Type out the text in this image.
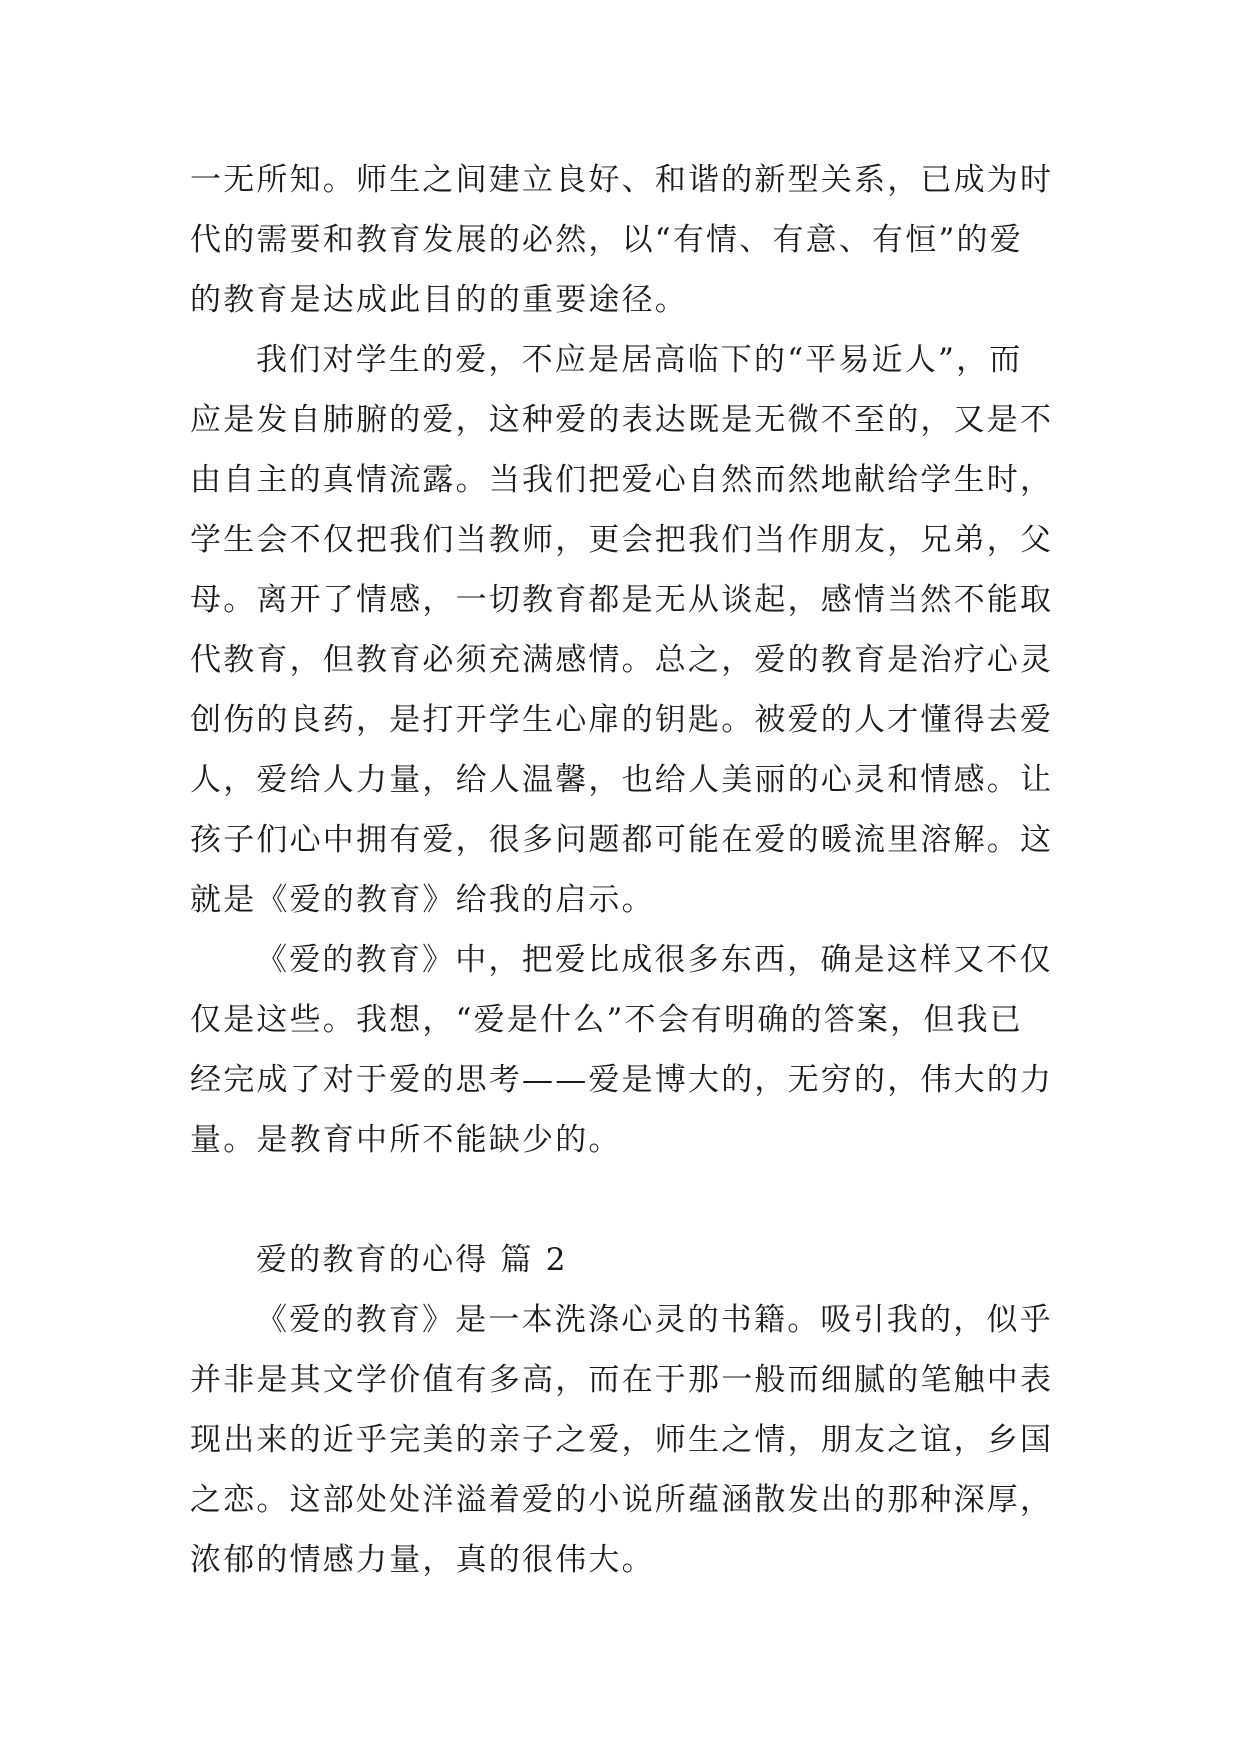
一无所知。师生之间建立良好、和谐的新型关系，已成为时
代的需要和教育发展的必然，以“有情、有意、有恒”的爱
的教育是达成此目的的重要途径。
我们对学生的爱，不应是居高临下的“平易近人”，而
应是发自肺腑的爱，这种爱的表达既是无微不至的，又是不
由自主的真情流露。当我们把爱心自然而然地献给学生时，
学生会不仅把我们当教师，更会把我们当作朋友，兄弟，父
母。离开了情感，一切教育都是无从谈起，感情当然不能取
代教育，但教育必须充满感情。总之，爱的教育是治疗心灵
创伤的良药，是打开学生心扉的钥匙。被爱的人才懂得去爱
人，爱给人力量，给人温馨，也给人美丽的心灵和情感。让
孩子们心中拥有爱，很多问题都可能在爱的暖流里溶解。这
就是《爱的教育》给我的启示。
《爱的教育》中，把爱比成很多东西，确是这样又不仅
仅是这些。我想，“爱是什么”不会有明确的答案，但我已
经完成了对于爱的思考——爱是博大的，无穷的，伟大的力
量。是教育中所不能缺少的。
爱的教育的心得 篇 2
《爱的教育》是一本洗涤心灵的书籍。吸引我的，似乎
并非是其文学价值有多高，而在于那一般而细腻的笔触中表
现出来的近乎完美的亲子之爱，师生之情，朋友之谊，乡国
之恋。这部处处洋溢着爱的小说所蕴涵散发出的那种深厚，
浓郁的情感力量，真的很伟大。
